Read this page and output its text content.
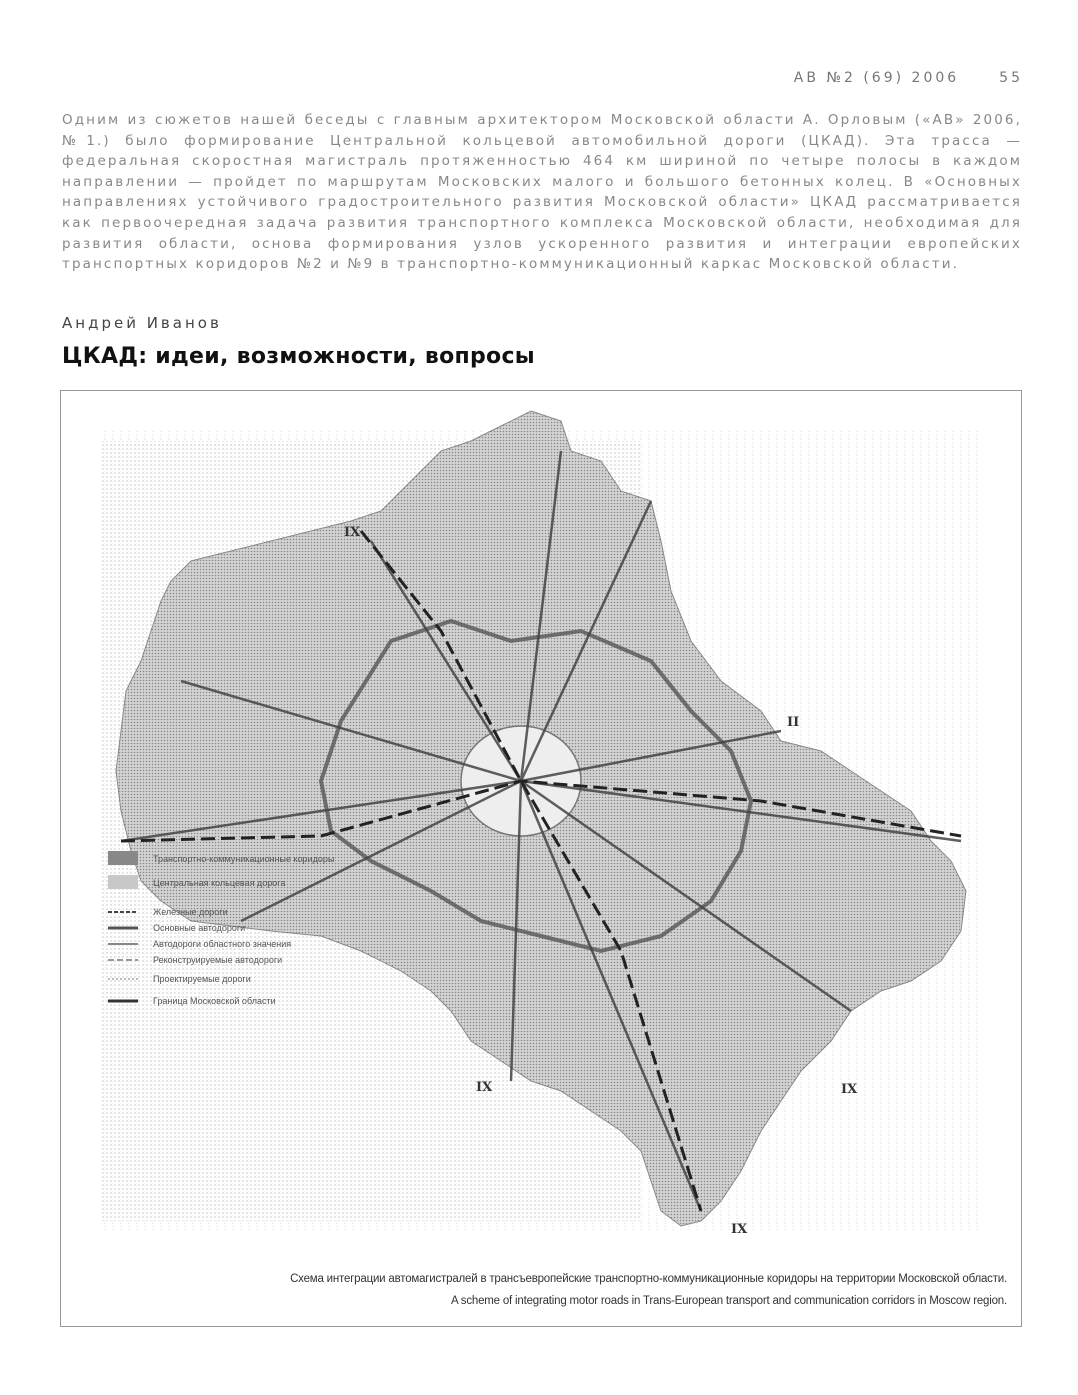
АВ №2 (69) 2006	55

Одним из сюжетов нашей беседы с главным архитектором Московской области А. Орловым («АВ» 2006, №1.) было формирование Центральной кольцевой автомобильной дороги (ЦКАД). Эта трасса — федеральная скоростная магистраль протяженностью 464 км шириной по четыре полосы в каждом направлении — пройдет по маршрутам Московских малого и большого бетонных колец. В «Основных направлениях устойчивого градостроительного развития Московской области» ЦКАД рассматривается как первоочередная задача развития транспортного комплекса Московской области, необходимая для развития области, основа формирования узлов ускоренного развития и интеграции европейских транспортных коридоров №2 и №9 в транспортно-коммуникационный каркас Московской области.

Андрей Иванов
ЦКАД: идеи, возможности, вопросы
IX
II
IX	IX
IX
Транспортно-коммуникационные коридоры
Центральная кольцевая дорога
Железные дороги
Основные автодороги
Автодороги областного значения
Реконструируемые автодороги
Проектируемые дороги
Граница Московской области

Схема интеграции автомагистралей в трансъевропейские транспортно-коммуникационные коридоры на территории Московской области.

A scheme of integrating motor roads in Trans-European transport and communication corridors in Moscow region.
